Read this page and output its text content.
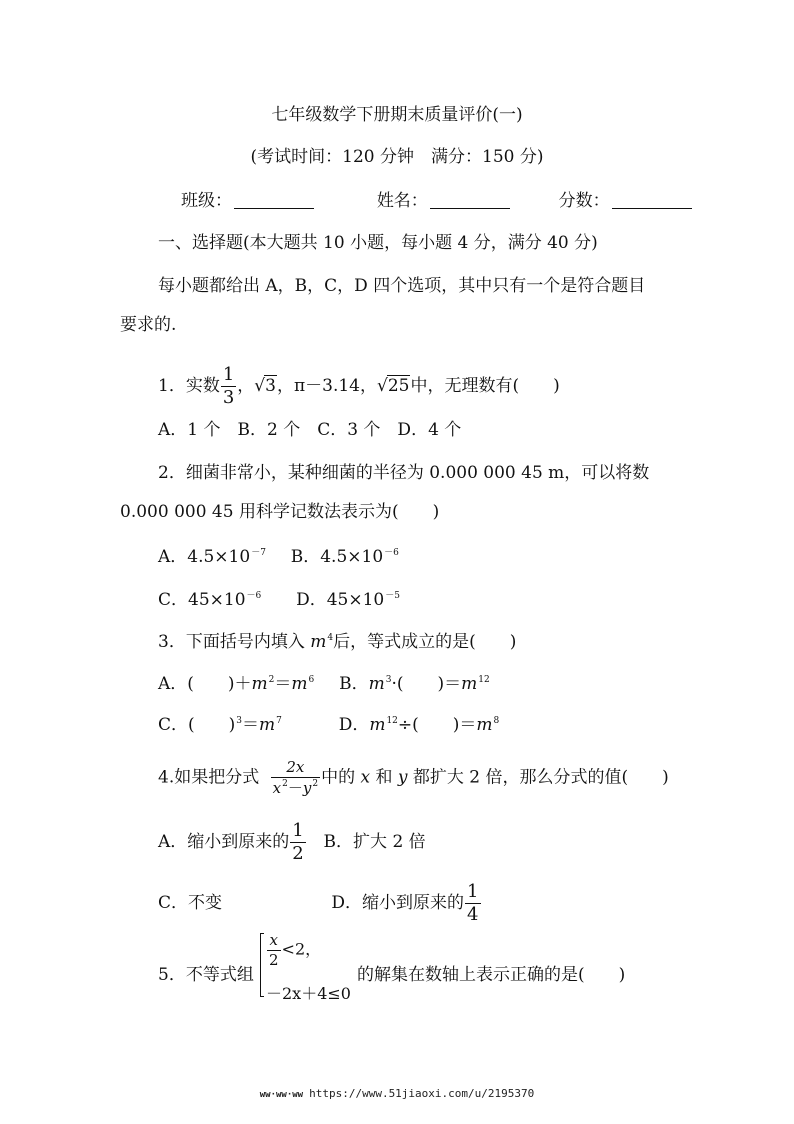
七年级数学下册期末质量评价(一)
(考试时间：120 分钟　满分：150 分)
班级：	姓名：	分数：
一、选择题(本大题共 10 小题，每小题 4 分，满分 40 分)
每小题都给出 A，B，C，D 四个选项，其中只有一个是符合题目
要求的.
1．实数 $\frac{1}{3}$ ，√3，π－3.14，√25中，无理数有(　　)
A．1 个　B．2 个　C．3 个　D．4 个
2．细菌非常小，某种细菌的半径为 0.000 000 45 m，可以将数
0.000 000 45 用科学记数法表示为(　　)
A．$4.5\times 10^{-7}$ B．$4.5\times 10^{-6}$
C．$45\times 10^{-6}$ D．$45\times 10^{-5}$
3．下面括号内填入 $m^4$后，等式成立的是(　　)
A．(　　)$+m^2=m^6$ B．$m^3\cdot$(　　)$=m^{12}$
C．(　　)$^3=m^7$	D．$m^{12}\div$(　　)$=m^8$
4.如果把分式 $\frac{2x}{x^2-y^2}$ 中的 x 和 y 都扩大 2 倍，那么分式的值(　　)
A．缩小到原来的 $\frac{1}{2}$ B．扩大 2 倍
C．不变	D．缩小到原来的 $\frac{1}{4}$
5．不等式组
$\frac{x}{2} <2$，
－2x＋4≤0
的解集在数轴上表示正确的是(　　)
ww·ww·ww https://www.51jiaoxi.com/u/2195370
